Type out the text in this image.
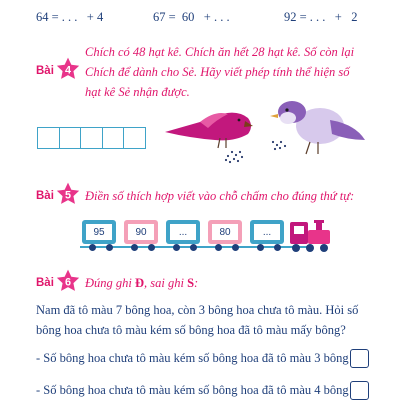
64 = . . .   + 4	67 =  60   + . . .	92 = . . .   +   2
Bài 4
Chích có 48 hạt kê. Chích ăn hết 28 hạt kê. Số còn lại
Chích để dành cho Sẻ. Hãy viết phép tính thể hiện số
hạt kê Sẻ nhận được.
Bài 5 Điền số thích hợp viết vào chỗ chấm cho đúng thứ tự:
95	90	...	80	...
Bài 6 Đúng ghi Đ, sai ghi S:
Nam đã tô màu 7 bông hoa, còn 3 bông hoa chưa tô màu. Hỏi số
bông hoa chưa tô màu kém số bông hoa đã tô màu mấy bông?
- Số bông hoa chưa tô màu kém số bông hoa đã tô màu 3 bông
- Số bông hoa chưa tô màu kém số bông hoa đã tô màu 4 bông
